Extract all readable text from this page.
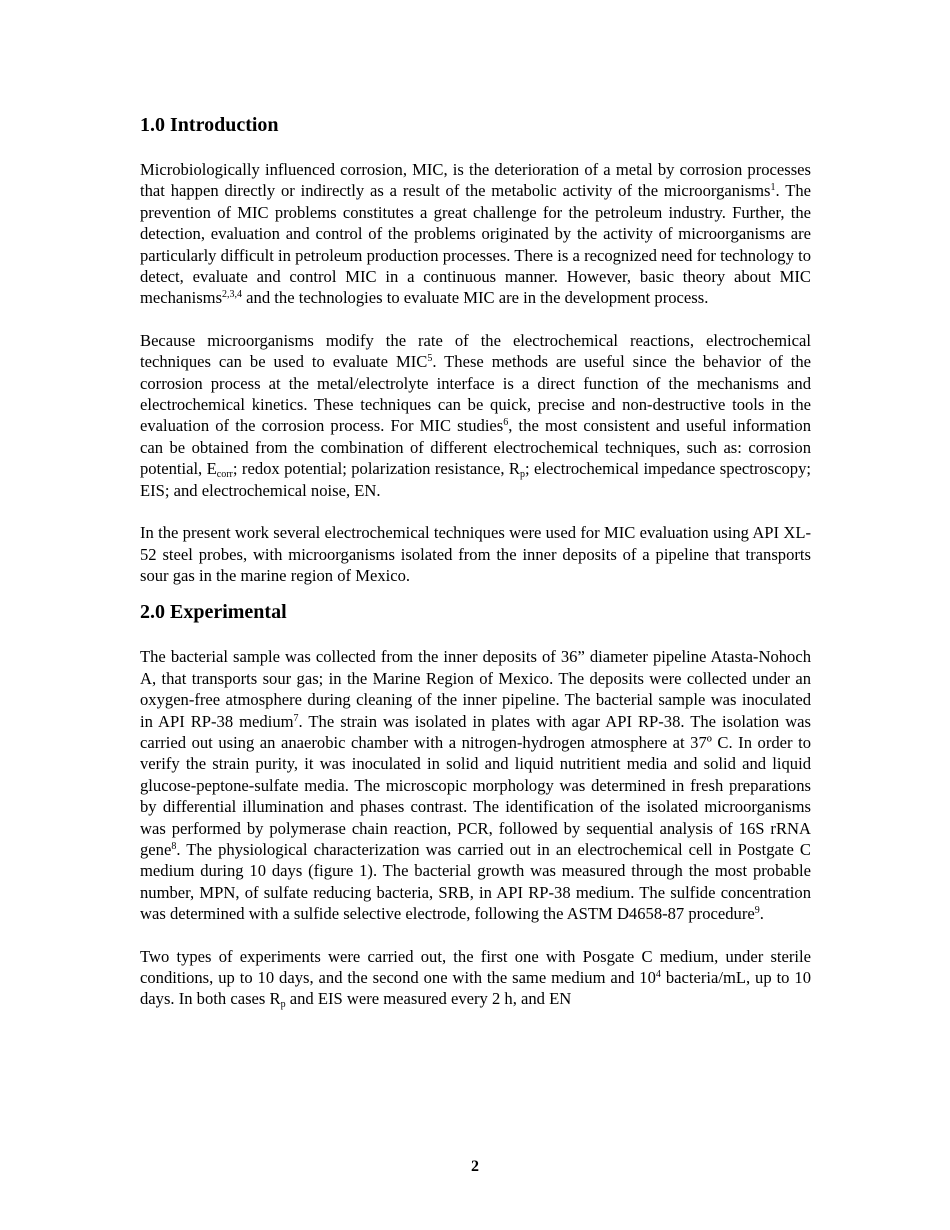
1.0 Introduction

Microbiologically influenced corrosion, MIC, is the deterioration of a metal by corrosion processes that happen directly or indirectly as a result of the metabolic activity of the microorganisms$^1$. The prevention of MIC problems constitutes a great challenge for the petroleum industry. Further, the detection, evaluation and control of the problems originated by the activity of microorganisms are particularly difficult in petroleum production processes. There is a recognized need for technology to detect, evaluate and control MIC in a continuous manner. However, basic theory about MIC mechanisms$^{2,3,4}$ and the technologies to evaluate MIC are in the development process.

Because microorganisms modify the rate of the electrochemical reactions, electrochemical techniques can be used to evaluate MIC$^5$. These methods are useful since the behavior of the corrosion process at the metal/electrolyte interface is a direct function of the mechanisms and electrochemical kinetics. These techniques can be quick, precise and non-destructive tools in the evaluation of the corrosion process. For MIC studies$^6$, the most consistent and useful information can be obtained from the combination of different electrochemical techniques, such as: corrosion potential, $E_{corr}$; redox potential; polarization resistance, $R_p$; electrochemical impedance spectroscopy; EIS; and electrochemical noise, EN.

In the present work several electrochemical techniques were used for MIC evaluation using API XL-52 steel probes, with microorganisms isolated from the inner deposits of a pipeline that transports sour gas in the marine region of Mexico.

2.0 Experimental

The bacterial sample was collected from the inner deposits of 36” diameter pipeline Atasta-Nohoch A, that transports sour gas; in the Marine Region of Mexico. The deposits were collected under an oxygen-free atmosphere during cleaning of the inner pipeline. The bacterial sample was inoculated in API RP-38 medium$^7$. The strain was isolated in plates with agar API RP-38. The isolation was carried out using an anaerobic chamber with a nitrogen-hydrogen atmosphere at 37º C. In order to verify the strain purity, it was inoculated in solid and liquid nutritient media and solid and liquid glucose-peptone-sulfate media. The microscopic morphology was determined in fresh preparations by differential illumination and phases contrast. The identification of the isolated microorganisms was performed by polymerase chain reaction, PCR, followed by sequential analysis of 16S rRNA gene$^8$. The physiological characterization was carried out in an electrochemical cell in Postgate C medium during 10 days (figure 1). The bacterial growth was measured through the most probable number, MPN, of sulfate reducing bacteria, SRB, in API RP-38 medium. The sulfide concentration was determined with a sulfide selective electrode, following the ASTM D4658-87 procedure$^9$.

Two types of experiments were carried out, the first one with Posgate C medium, under sterile conditions, up to 10 days, and the second one with the same medium and $10^4$ bacteria/mL, up to 10 days. In both cases $R_p$ and EIS were measured every 2 h, and EN

2
